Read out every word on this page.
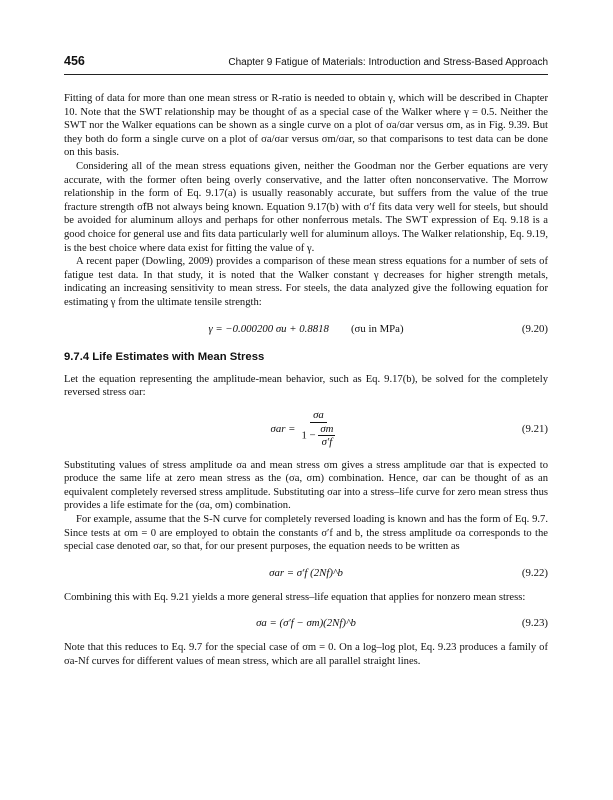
456	Chapter 9 Fatigue of Materials: Introduction and Stress-Based Approach

Fitting of data for more than one mean stress or R-ratio is needed to obtain γ, which will be described in Chapter 10. Note that the SWT relationship may be thought of as a special case of the Walker where γ = 0.5. Neither the SWT nor the Walker equations can be shown as a single curve on a plot of σa/σar versus σm, as in Fig. 9.39. But they both do form a single curve on a plot of σa/σar versus σm/σar, so that comparisons to test data can be done on this basis.

Considering all of the mean stress equations given, neither the Goodman nor the Gerber equations are very accurate, with the former often being overly conservative, and the latter often nonconservative. The Morrow relationship in the form of Eq. 9.17(a) is usually reasonably accurate, but suffers from the value of the true fracture strength σ̃fB not always being known. Equation 9.17(b) with σ′f fits data very well for steels, but should be avoided for aluminum alloys and perhaps for other nonferrous metals. The SWT expression of Eq. 9.18 is a good choice for general use and fits data particularly well for aluminum alloys. The Walker relationship, Eq. 9.19, is the best choice where data exist for fitting the value of γ.

A recent paper (Dowling, 2009) provides a comparison of these mean stress equations for a number of sets of fatigue test data. In that study, it is noted that the Walker constant γ decreases for higher strength metals, indicating an increasing sensitivity to mean stress. For steels, the data analyzed give the following equation for estimating γ from the ultimate tensile strength:

γ = −0.000200 σu + 0.8818 (σu in MPa)	(9.20)
9.7.4 Life Estimates with Mean Stress

Let the equation representing the amplitude-mean behavior, such as Eq. 9.17(b), be solved for the completely reversed stress σar:

$\sigma ar = \frac{\sigma a}{1 - \frac{\sigma m}{\sigma'f}}$	(9.21)

Substituting values of stress amplitude σa and mean stress σm gives a stress amplitude σar that is expected to produce the same life at zero mean stress as the (σa, σm) combination. Hence, σar can be thought of as an equivalent completely reversed stress amplitude. Substituting σar into a stress–life curve for zero mean stress thus provides a life estimate for the (σa, σm) combination.

For example, assume that the S-N curve for completely reversed loading is known and has the form of Eq. 9.7. Since tests at σm = 0 are employed to obtain the constants σ′f and b, the stress amplitude σa corresponds to the special case denoted σar, so that, for our present purposes, the equation needs to be written as

σar = σ′f (2Nf)^b	(9.22)

Combining this with Eq. 9.21 yields a more general stress–life equation that applies for nonzero mean stress:

σa = (σ′f − σm)(2Nf)^b	(9.23)

Note that this reduces to Eq. 9.7 for the special case of σm = 0. On a log–log plot, Eq. 9.23 produces a family of σa-Nf curves for different values of mean stress, which are all parallel straight lines.
